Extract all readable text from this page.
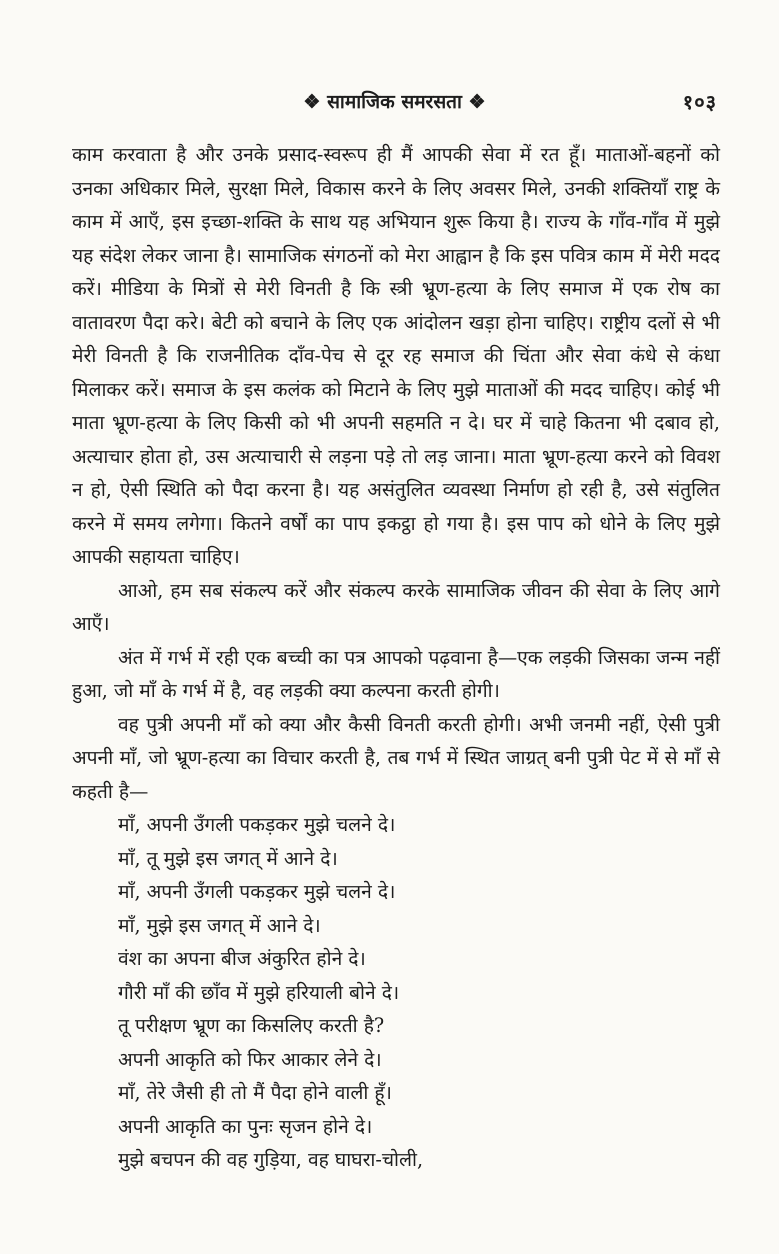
❖ सामाजिक समरसता ❖	१०३

काम करवाता है और उनके प्रसाद-स्वरूप ही मैं आपकी सेवा में रत हूँ। माताओं-बहनों को उनका अधिकार मिले, सुरक्षा मिले, विकास करने के लिए अवसर मिले, उनकी शक्तियाँ राष्ट्र के काम में आएँ, इस इच्छा-शक्ति के साथ यह अभियान शुरू किया है। राज्य के गाँव-गाँव में मुझे यह संदेश लेकर जाना है। सामाजिक संगठनों को मेरा आह्वान है कि इस पवित्र काम में मेरी मदद करें। मीडिया के मित्रों से मेरी विनती है कि स्त्री भ्रूण-हत्या के लिए समाज में एक रोष का वातावरण पैदा करे। बेटी को बचाने के लिए एक आंदोलन खड़ा होना चाहिए। राष्ट्रीय दलों से भी मेरी विनती है कि राजनीतिक दाँव-पेच से दूर रह समाज की चिंता और सेवा कंधे से कंधा मिलाकर करें। समाज के इस कलंक को मिटाने के लिए मुझे माताओं की मदद चाहिए। कोई भी माता भ्रूण-हत्या के लिए किसी को भी अपनी सहमति न दे। घर में चाहे कितना भी दबाव हो, अत्याचार होता हो, उस अत्याचारी से लड़ना पड़े तो लड़ जाना। माता भ्रूण-हत्या करने को विवश न हो, ऐसी स्थिति को पैदा करना है। यह असंतुलित व्यवस्था निर्माण हो रही है, उसे संतुलित करने में समय लगेगा। कितने वर्षों का पाप इकट्ठा हो गया है। इस पाप को धोने के लिए मुझे आपकी सहायता चाहिए।

आओ, हम सब संकल्प करें और संकल्प करके सामाजिक जीवन की सेवा के लिए आगे आएँ।

अंत में गर्भ में रही एक बच्ची का पत्र आपको पढ़वाना है—एक लड़की जिसका जन्म नहीं हुआ, जो माँ के गर्भ में है, वह लड़की क्या कल्पना करती होगी।

वह पुत्री अपनी माँ को क्या और कैसी विनती करती होगी। अभी जनमी नहीं, ऐसी पुत्री अपनी माँ, जो भ्रूण-हत्या का विचार करती है, तब गर्भ में स्थित जाग्रत् बनी पुत्री पेट में से माँ से कहती है—

माँ, अपनी उँगली पकड़कर मुझे चलने दे।
माँ, तू मुझे इस जगत् में आने दे।
माँ, अपनी उँगली पकड़कर मुझे चलने दे।
माँ, मुझे इस जगत् में आने दे।
वंश का अपना बीज अंकुरित होने दे।
गौरी माँ की छाँव में मुझे हरियाली बोने दे।
तू परीक्षण भ्रूण का किसलिए करती है?
अपनी आकृति को फिर आकार लेने दे।
माँ, तेरे जैसी ही तो मैं पैदा होने वाली हूँ।
अपनी आकृति का पुनः सृजन होने दे।
मुझे बचपन की वह गुड़िया, वह घाघरा-चोली,
